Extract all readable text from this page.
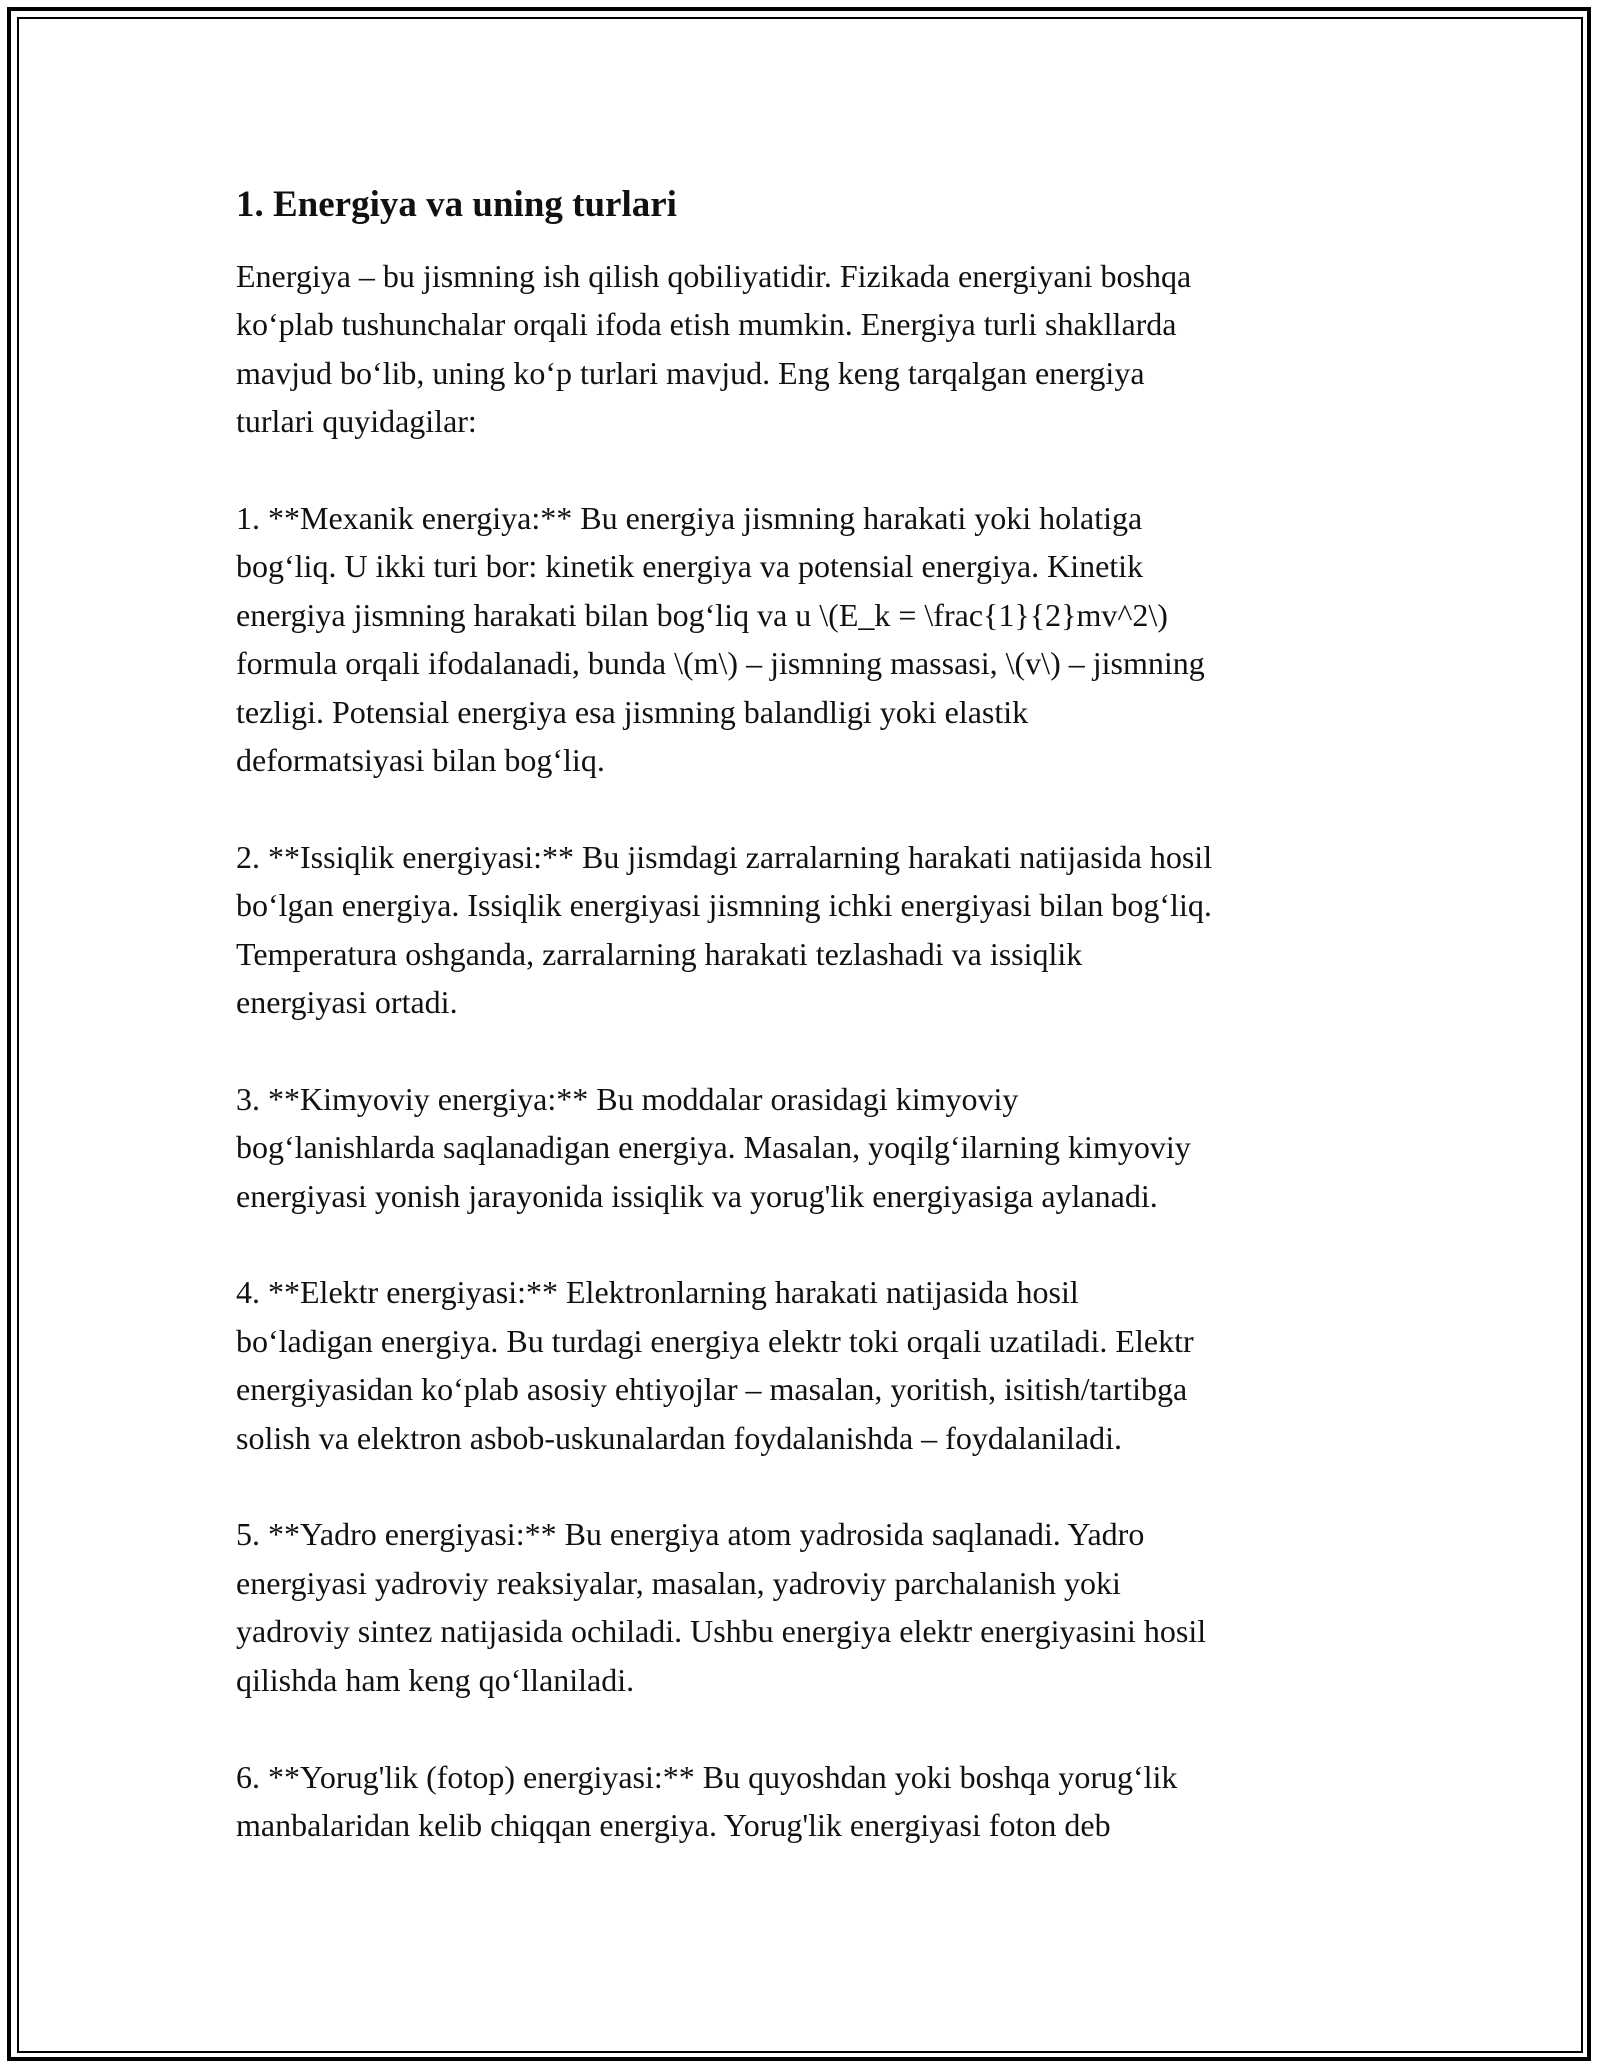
1. Energiya va uning turlari

Energiya – bu jismning ish qilish qobiliyatidir. Fizikada energiyani boshqa
ko‘plab tushunchalar orqali ifoda etish mumkin. Energiya turli shakllarda
mavjud bo‘lib, uning ko‘p turlari mavjud. Eng keng tarqalgan energiya
turlari quyidagilar:

1. **Mexanik energiya:** Bu energiya jismning harakati yoki holatiga
bog‘liq. U ikki turi bor: kinetik energiya va potensial energiya. Kinetik
energiya jismning harakati bilan bog‘liq va u \(E_k = \frac{1}{2}mv^2\)
formula orqali ifodalanadi, bunda \(m\) – jismning massasi, \(v\) – jismning
tezligi. Potensial energiya esa jismning balandligi yoki elastik
deformatsiyasi bilan bog‘liq.

2. **Issiqlik energiyasi:** Bu jismdagi zarralarning harakati natijasida hosil
bo‘lgan energiya. Issiqlik energiyasi jismning ichki energiyasi bilan bog‘liq.
Temperatura oshganda, zarralarning harakati tezlashadi va issiqlik
energiyasi ortadi.

3. **Kimyoviy energiya:** Bu moddalar orasidagi kimyoviy
bog‘lanishlarda saqlanadigan energiya. Masalan, yoqilg‘ilarning kimyoviy
energiyasi yonish jarayonida issiqlik va yorug'lik energiyasiga aylanadi.

4. **Elektr energiyasi:** Elektronlarning harakati natijasida hosil
bo‘ladigan energiya. Bu turdagi energiya elektr toki orqali uzatiladi. Elektr
energiyasidan ko‘plab asosiy ehtiyojlar – masalan, yoritish, isitish/tartibga
solish va elektron asbob-uskunalardan foydalanishda – foydalaniladi.

5. **Yadro energiyasi:** Bu energiya atom yadrosida saqlanadi. Yadro
energiyasi yadroviy reaksiyalar, masalan, yadroviy parchalanish yoki
yadroviy sintez natijasida ochiladi. Ushbu energiya elektr energiyasini hosil
qilishda ham keng qo‘llaniladi.

6. **Yorug'lik (fotop) energiyasi:** Bu quyoshdan yoki boshqa yorug‘lik
manbalaridan kelib chiqqan energiya. Yorug'lik energiyasi foton deb
